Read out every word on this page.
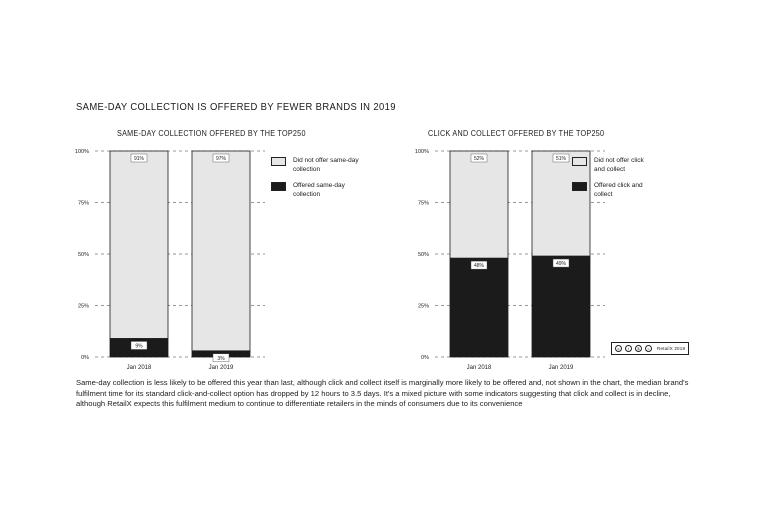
SAME-DAY COLLECTION IS OFFERED BY FEWER BRANDS IN 2019
SAME-DAY COLLECTION OFFERED BY THE TOP250	CLICK AND COLLECT OFFERED BY THE TOP250
0%
25%
50%
75%
100%
9%
91%
Jan 2018
3%
97%
Jan 2019
0%
25%
50%
75%
100%
48%
52%
Jan 2018
49%
51%
Jan 2019
Did not offer same-day collection
Offered same-day collection
Did not offer click and collect
Offered click and collect
c	i	$	=	RetailX 2019
Same-day collection is less likely to be offered this year than last, although click and collect itself is marginally more likely to be offered and, not shown in the chart, the median brand's fulfilment time for its standard click-and-collect option has dropped by 12 hours to 3.5 days. It's a mixed picture with some indicators suggesting that click and collect is in decline, although RetailX expects this fulfilment medium to continue to differentiate retailers in the minds of consumers due to its convenience
